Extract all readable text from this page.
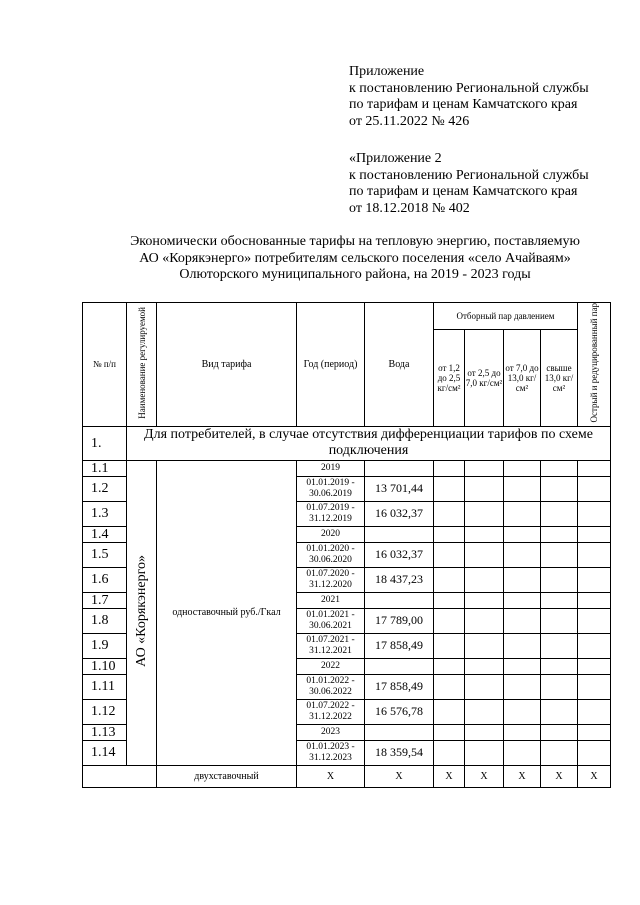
Приложение
к постановлению Региональной службы
по тарифам и ценам Камчатского края
от 25.11.2022 № 426
«Приложение 2
к постановлению Региональной службы
по тарифам и ценам Камчатского края
от 18.12.2018 № 402
Экономически обоснованные тарифы на тепловую энергию, поставляемую
АО «Корякэнерго» потребителям сельского поселения «село Ачайваям»
Олюторского муниципального района, на 2019 - 2023 годы
№ п/п	Наименование регулируемой	Вид тарифа	Год (период)	Вода	Отборный пар давлением				Острый и редуцированный пар
					от 1,2 до 2,5 кг/см²	от 2,5 до 7,0 кг/см²	от 7,0 до 13,0 кг/см²	свыше 13,0 кг/см²	
1.	Для потребителей, в случае отсутствия дифференциации тарифов по схеме подключения								
1.1	АО «Корякэнерго»	одноставочный руб./Гкал	2019						
1.2			01.01.2019 - 30.06.2019	13 701,44					
1.3			01.07.2019 - 31.12.2019	16 032,37					
1.4			2020						
1.5			01.01.2020 - 30.06.2020	16 032,37					
1.6			01.07.2020 - 31.12.2020	18 437,23					
1.7			2021						
1.8			01.01.2021 - 30.06.2021	17 789,00					
1.9			01.07.2021 - 31.12.2021	17 858,49					
1.10			2022						
1.11			01.01.2022 - 30.06.2022	17 858,49					
1.12			01.07.2022 - 31.12.2022	16 576,78					
1.13			2023						
1.14			01.01.2023 - 31.12.2023	18 359,54					
		двухставочный	X	X	X	X	X	X	X
